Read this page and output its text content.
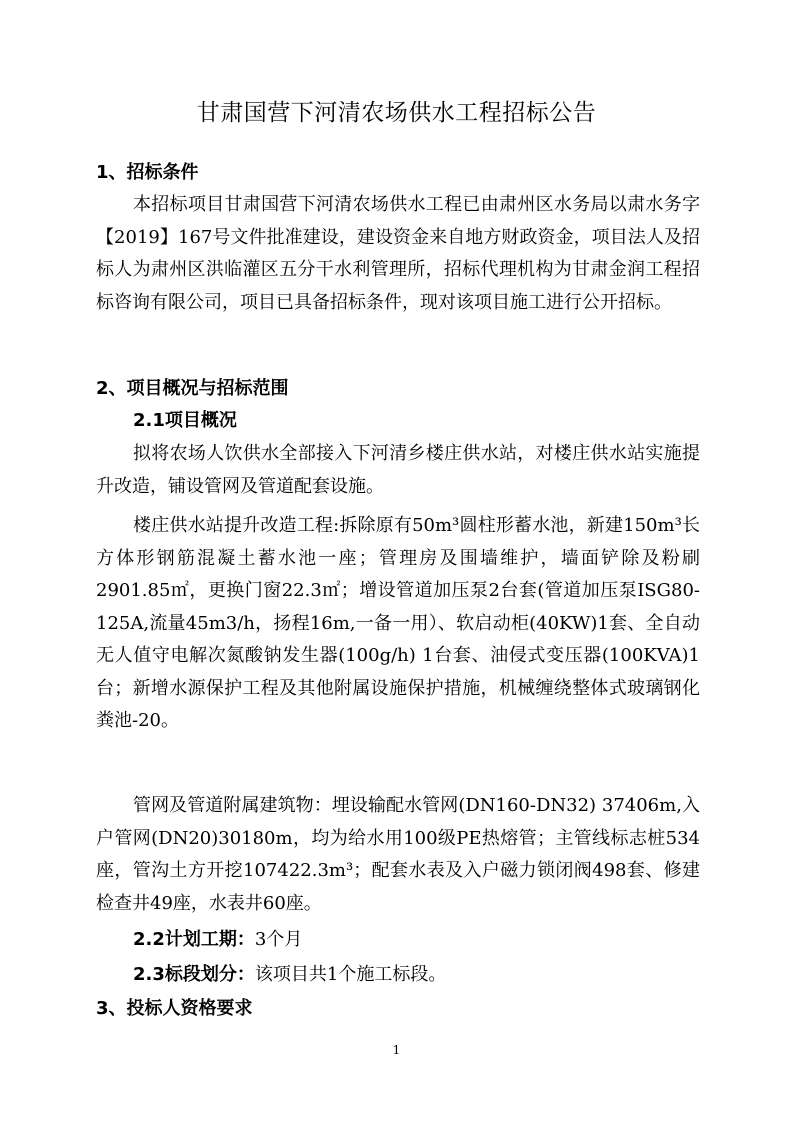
甘肃国营下河清农场供水工程招标公告
1、招标条件
本招标项目甘肃国营下河清农场供水工程已由肃州区水务局以肃水务字【2019】167号文件批准建设，建设资金来自地方财政资金，项目法人及招标人为肃州区洪临灌区五分干水利管理所，招标代理机构为甘肃金润工程招标咨询有限公司，项目已具备招标条件，现对该项目施工进行公开招标。
2、项目概况与招标范围
2.1项目概况
拟将农场人饮供水全部接入下河清乡楼庄供水站，对楼庄供水站实施提升改造，铺设管网及管道配套设施。
楼庄供水站提升改造工程:拆除原有50m³圆柱形蓄水池，新建150m³长方体形钢筋混凝土蓄水池一座；管理房及围墙维护，墙面铲除及粉刷2901.85㎡，更换门窗22.3㎡；增设管道加压泵2台套(管道加压泵ISG80-125A,流量45m3/h，扬程16m,一备一用）、软启动柜(40KW)1套、全自动无人值守电解次氮酸钠发生器(100g/h) 1台套、油侵式变压器(100KVA)1台；新增水源保护工程及其他附属设施保护措施，机械缠绕整体式玻璃钢化粪池-20。
管网及管道附属建筑物：埋设输配水管网(DN160-DN32) 37406m,入户管网(DN20)30180m，均为给水用100级PE热熔管；主管线标志桩534座，管沟土方开挖107422.3m³；配套水表及入户磁力锁闭阀498套、修建检查井49座，水表井60座。
2.2计划工期：3个月
2.3标段划分：该项目共1个施工标段。
3、投标人资格要求
1
